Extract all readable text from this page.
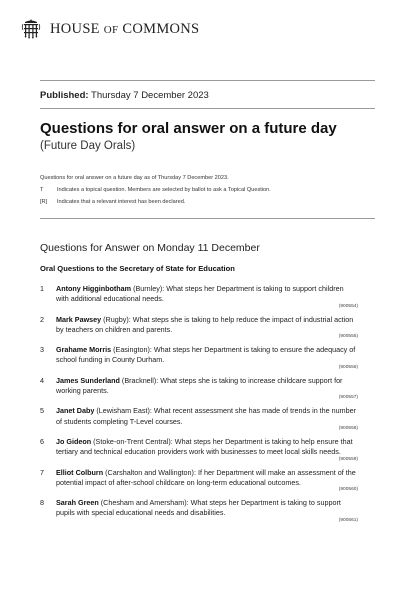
HOUSE OF COMMONS
Published: Thursday 7 December 2023
Questions for oral answer on a future day
(Future Day Orals)
Questions for oral answer on a future day as of Thursday 7 December 2023.
T	Indicates a topical question. Members are selected by ballot to ask a Topical Question.
[R]	Indicates that a relevant interest has been declared.
Questions for Answer on Monday 11 December
Oral Questions to the Secretary of State for Education
1	Antony Higginbotham (Burnley): What steps her Department is taking to support children with additional educational needs.
(900554)
2	Mark Pawsey (Rugby): What steps she is taking to help reduce the impact of industrial action by teachers on children and parents.
(900555)
3	Grahame Morris (Easington): What steps her Department is taking to ensure the adequacy of school funding in County Durham.
(900556)
4	James Sunderland (Bracknell): What steps she is taking to increase childcare support for working parents.
(900557)
5	Janet Daby (Lewisham East): What recent assessment she has made of trends in the number of students completing T-Level courses.
(900558)
6	Jo Gideon (Stoke-on-Trent Central): What steps her Department is taking to help ensure that tertiary and technical education providers work with businesses to meet local skills needs.
(900559)
7	Elliot Colburn (Carshalton and Wallington): If her Department will make an assessment of the potential impact of after-school childcare on long-term educational outcomes.
(900560)
8	Sarah Green (Chesham and Amersham): What steps her Department is taking to support pupils with special educational needs and disabilities.
(900561)
